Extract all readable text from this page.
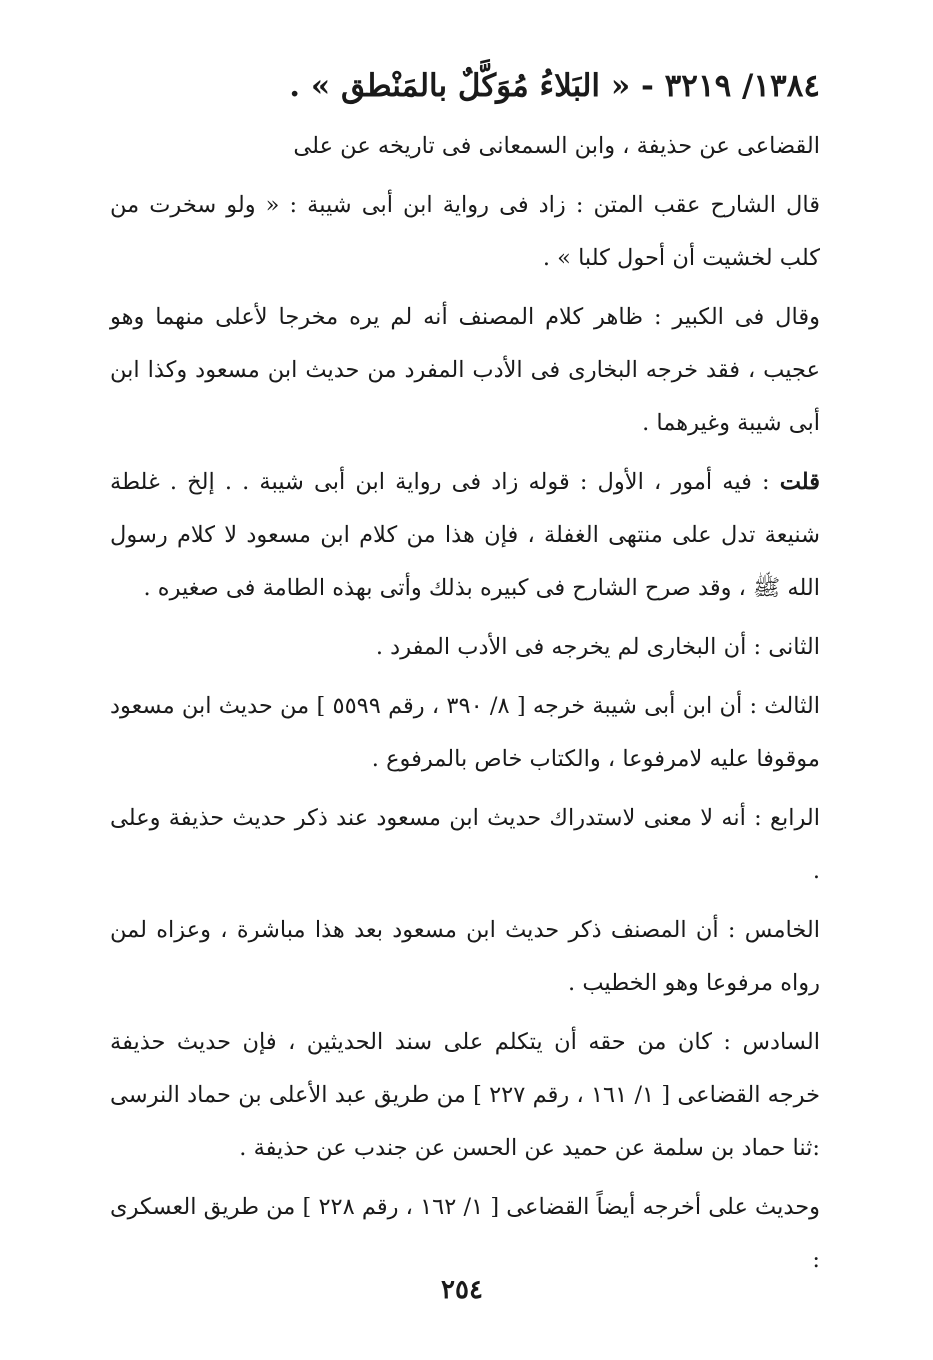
١٣٨٤/ ٣٢١٩ - « البَلاءُ مُوَكَّلٌ بالمَنْطق » .

القضاعى عن حذيفة ، وابن السمعانى فى تاريخه عن على

قال الشارح عقب المتن : زاد فى رواية ابن أبى شيبة : « ولو سخرت من كلب لخشيت أن أحول كلبا » .

وقال فى الكبير : ظاهر كلام المصنف أنه لم يره مخرجا لأعلى منهما وهو عجيب ، فقد خرجه البخارى فى الأدب المفرد من حديث ابن مسعود وكذا ابن أبى شيبة وغيرهما .

قلت : فيه أمور ، الأول : قوله زاد فى رواية ابن أبى شيبة . . إلخ . غلطة شنيعة تدل على منتهى الغفلة ، فإن هذا من كلام ابن مسعود لا كلام رسول الله ﷺ ، وقد صرح الشارح فى كبيره بذلك وأتى بهذه الطامة فى صغيره .

الثانى : أن البخارى لم يخرجه فى الأدب المفرد .

الثالث : أن ابن أبى شيبة خرجه [ ٨/ ٣٩٠ ، رقم ٥٥٩٩ ] من حديث ابن مسعود موقوفا عليه لامرفوعا ، والكتاب خاص بالمرفوع .

الرابع : أنه لا معنى لاستدراك حديث ابن مسعود عند ذكر حديث حذيفة وعلى .

الخامس : أن المصنف ذكر حديث ابن مسعود بعد هذا مباشرة ، وعزاه لمن رواه مرفوعا وهو الخطيب .

السادس : كان من حقه أن يتكلم على سند الحديثين ، فإن حديث حذيفة خرجه القضاعى [ ١/ ١٦١ ، رقم ٢٢٧ ] من طريق عبد الأعلى بن حماد النرسى :ثنا حماد بن سلمة عن حميد عن الحسن عن جندب عن حذيفة .

وحديث على أخرجه أيضاً القضاعى [ ١/ ١٦٢ ، رقم ٢٢٨ ] من طريق العسكرى :

٢٥٤
